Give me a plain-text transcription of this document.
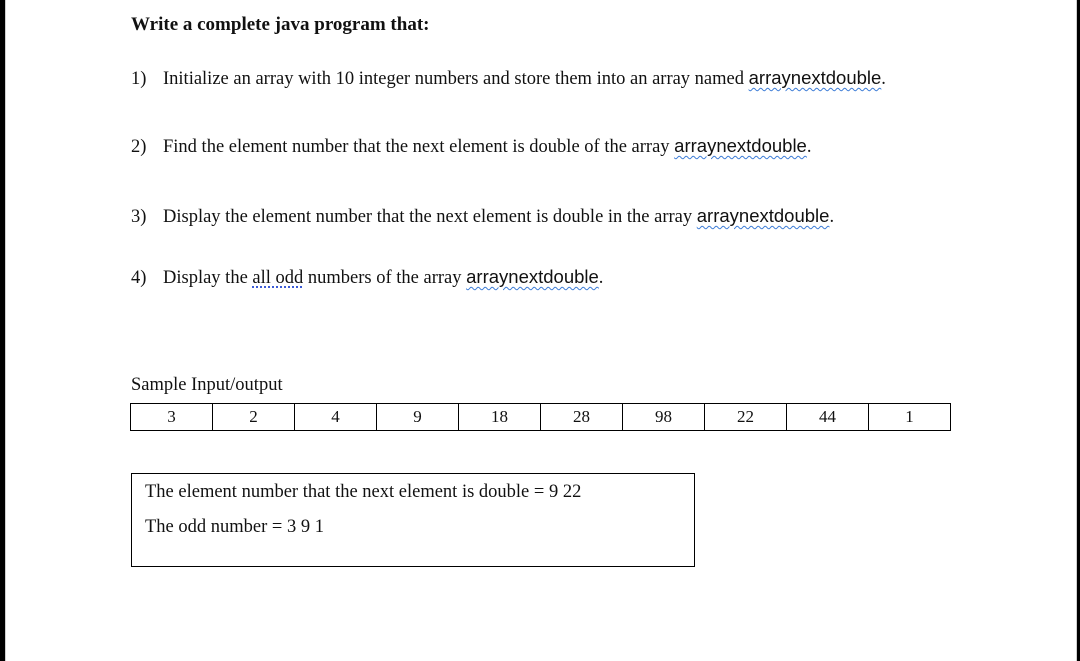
Write a complete java program that:

1) Initialize an array with 10 integer numbers and store them into an array named arraynextdouble.
2) Find the element number that the next element is double of the array arraynextdouble.
3) Display the element number that the next element is double in the array arraynextdouble.
4) Display the all odd numbers of the array arraynextdouble.
Sample Input/output
3	2	4	9	18	28	98	22	44	1
The element number that the next element is double = 9 22
The odd number = 3 9 1
